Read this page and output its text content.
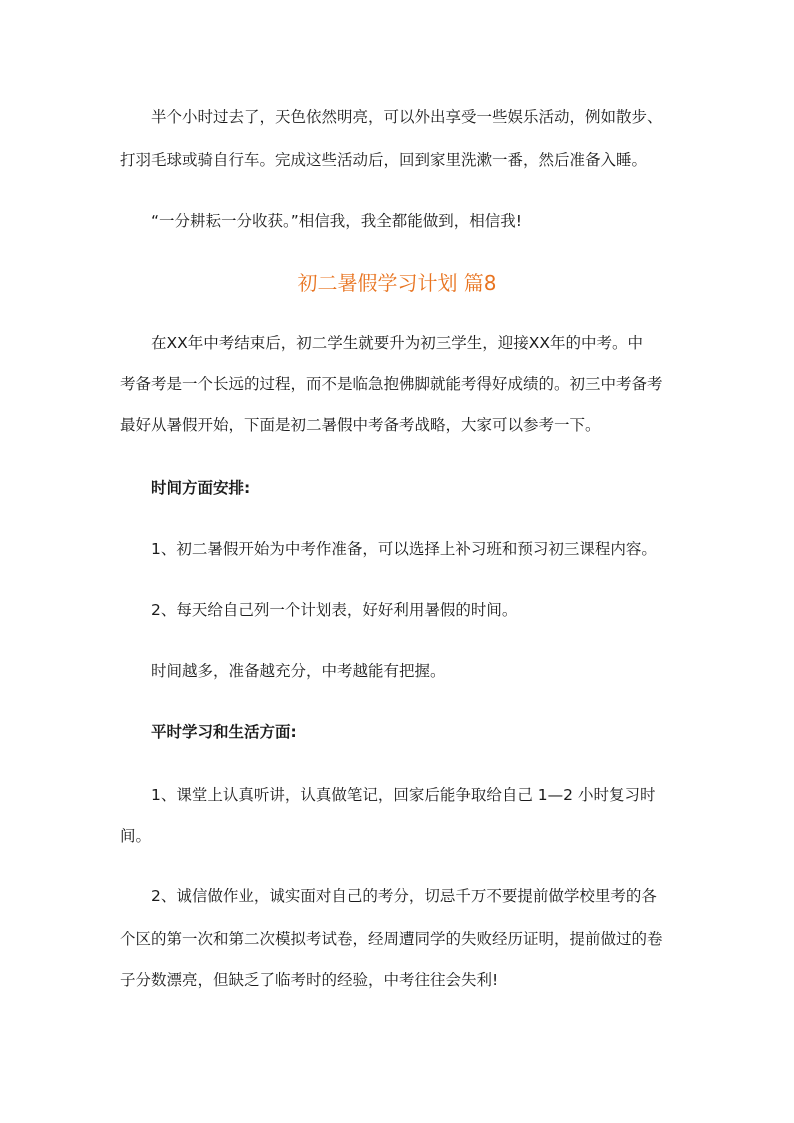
半个小时过去了，天色依然明亮，可以外出享受一些娱乐活动，例如散步、
打羽毛球或骑自行车。完成这些活动后，回到家里洗漱一番，然后准备入睡。
“一分耕耘一分收获。”相信我，我全都能做到，相信我!
初二暑假学习计划 篇8
在XX年中考结束后，初二学生就要升为初三学生，迎接XX年的中考。中
考备考是一个长远的过程，而不是临急抱佛脚就能考得好成绩的。初三中考备考
最好从暑假开始，下面是初二暑假中考备考战略，大家可以参考一下。
时间方面安排:
1、初二暑假开始为中考作准备，可以选择上补习班和预习初三课程内容。
2、每天给自己列一个计划表，好好利用暑假的时间。
时间越多，准备越充分，中考越能有把握。
平时学习和生活方面:
1、课堂上认真听讲，认真做笔记，回家后能争取给自己 1—2 小时复习时
间。
2、诚信做作业，诚实面对自己的考分，切忌千万不要提前做学校里考的各
个区的第一次和第二次模拟考试卷，经周遭同学的失败经历证明，提前做过的卷
子分数漂亮，但缺乏了临考时的经验，中考往往会失利!
